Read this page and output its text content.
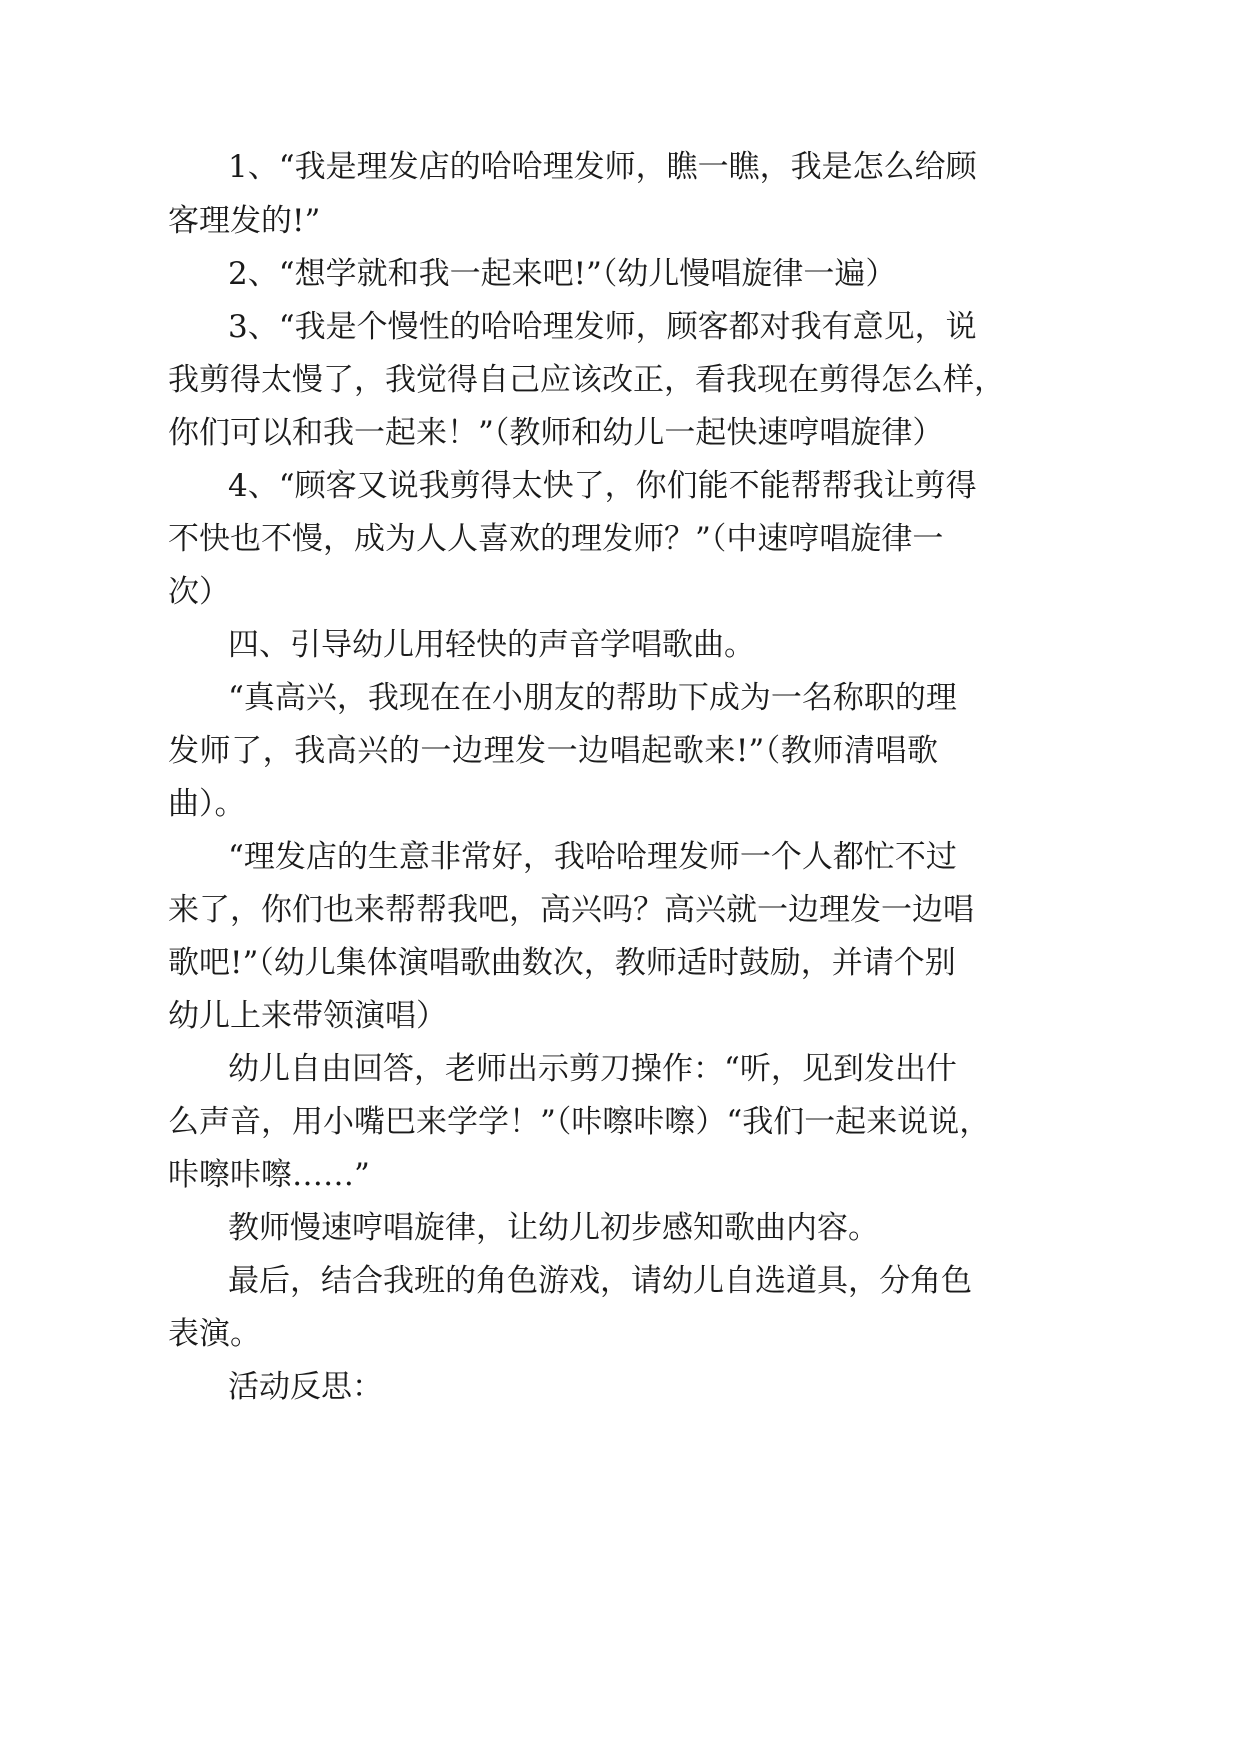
1、“我是理发店的哈哈理发师，瞧一瞧，我是怎么给顾

客理发的!”

2、“想学就和我一起来吧!”（幼儿慢唱旋律一遍）

3、“我是个慢性的哈哈理发师，顾客都对我有意见，说

我剪得太慢了，我觉得自己应该改正，看我现在剪得怎么样，

你们可以和我一起来！”（教师和幼儿一起快速哼唱旋律）

4、“顾客又说我剪得太快了，你们能不能帮帮我让剪得

不快也不慢，成为人人喜欢的理发师？”（中速哼唱旋律一

次）

四、引导幼儿用轻快的声音学唱歌曲。

“真高兴，我现在在小朋友的帮助下成为一名称职的理

发师了，我高兴的一边理发一边唱起歌来!”（教师清唱歌

曲）。

“理发店的生意非常好，我哈哈理发师一个人都忙不过

来了，你们也来帮帮我吧，高兴吗？高兴就一边理发一边唱

歌吧!”（幼儿集体演唱歌曲数次，教师适时鼓励，并请个别

幼儿上来带领演唱）

幼儿自由回答，老师出示剪刀操作：“听，见到发出什

么声音，用小嘴巴来学学！”（咔嚓咔嚓）“我们一起来说说，

咔嚓咔嚓……”

教师慢速哼唱旋律，让幼儿初步感知歌曲内容。

最后，结合我班的角色游戏，请幼儿自选道具，分角色

表演。

活动反思：
